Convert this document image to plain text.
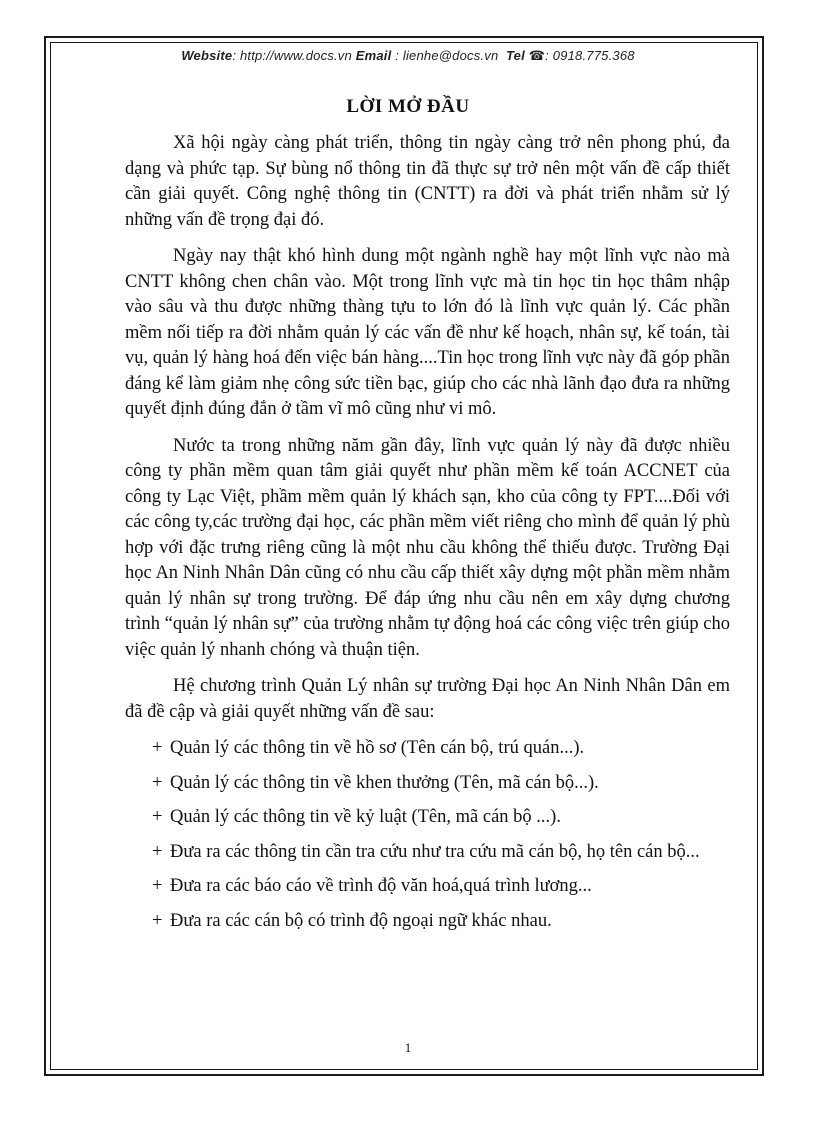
Website: http://www.docs.vn Email : lienhe@docs.vn Tel ☎: 0918.775.368
LỜI MỞ ĐẦU

Xã hội ngày càng phát triển, thông tin ngày càng trở nên phong phú, đa dạng và phức tạp. Sự bùng nổ thông tin đã thực sự trở nên một vấn đề cấp thiết cần giải quyết. Công nghệ thông tin (CNTT) ra đời và phát triển nhằm sử lý những vấn đề trọng đại đó.

Ngày nay thật khó hình dung một ngành nghề hay một lĩnh vực nào mà CNTT không chen chân vào. Một trong lĩnh vực mà tin học tin học thâm nhập vào sâu và thu được những thàng tựu to lớn đó là lĩnh vực quản lý. Các phần mềm nối tiếp ra đời nhằm quản lý các vấn đề như kế hoạch, nhân sự, kế toán, tài vụ, quản lý hàng hoá đến việc bán hàng....Tin học trong lĩnh vực này đã góp phần đáng kể làm giảm nhẹ công sức tiền bạc, giúp cho các nhà lãnh đạo đưa ra những quyết định đúng đắn ở tầm vĩ mô cũng như vi mô.

Nước ta trong những năm gần đây, lĩnh vực quản lý này đã được nhiều công ty phần mềm quan tâm giải quyết như phần mềm kế toán ACCNET của công ty Lạc Việt, phầm mềm quản lý khách sạn, kho của công ty FPT....Đối với các công ty,các trường đại học, các phần mềm viết riêng cho mình để quản lý phù hợp với đặc trưng riêng cũng là một nhu cầu không thể thiếu được. Trường Đại học An Ninh Nhân Dân cũng có nhu cầu cấp thiết xây dựng một phần mềm nhằm quản lý nhân sự trong trường. Để đáp ứng nhu cầu nên em xây dựng chương trình “quản lý nhân sự” của trường nhằm tự động hoá các công việc trên giúp cho việc quản lý nhanh chóng và thuận tiện.

Hệ chương trình Quản Lý nhân sự trường Đại học An Ninh Nhân Dân em đã đề cập và giải quyết những vấn đề sau:

+ Quản lý các thông tin về hồ sơ (Tên cán bộ, trú quán...).
+ Quản lý các thông tin về khen thưởng (Tên, mã cán bộ...).
+ Quản lý các thông tin về kỷ luật (Tên, mã cán bộ ...).
+ Đưa ra các thông tin cần tra cứu như tra cứu mã cán bộ, họ tên cán bộ...
+ Đưa ra các báo cáo về trình độ văn hoá,quá trình lương...
+ Đưa ra các cán bộ có trình độ ngoại ngữ khác nhau.
1
